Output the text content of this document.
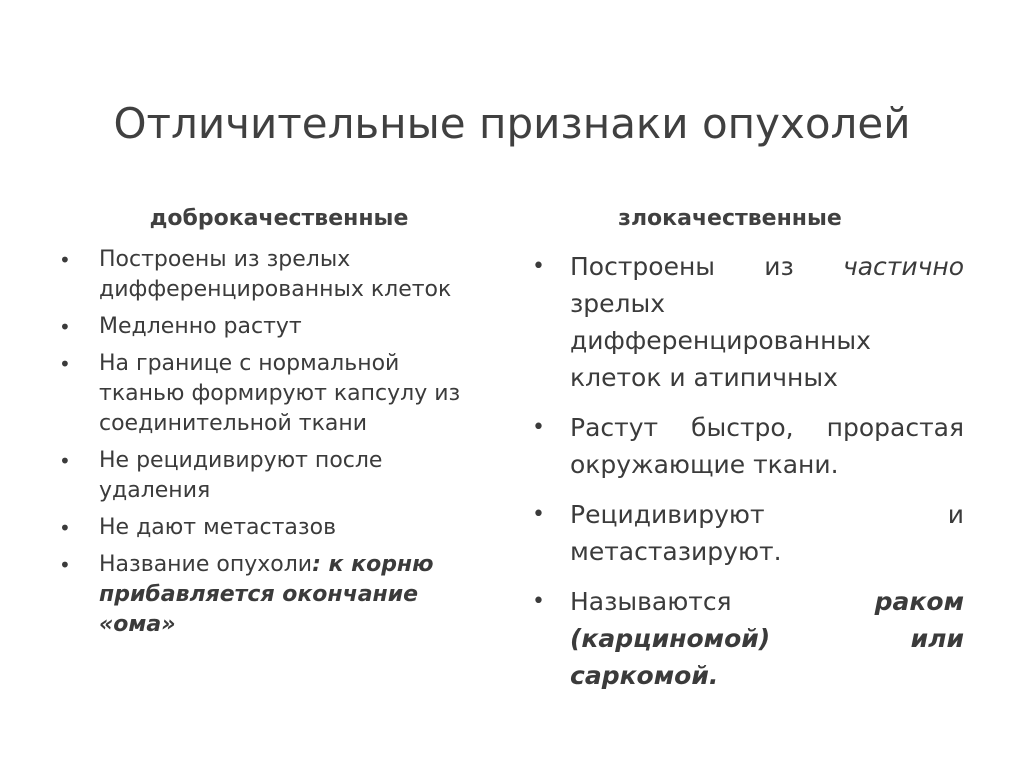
Отличительные признаки опухолей
доброкачественные	злокачественные
• Построены из зрелых дифференцированных клеток
• Медленно растут
• На границе с нормальной тканью формируют капсулу из соединительной ткани
• Не рецидивируют после удаления
• Не дают метастазов
• Название опухоли: к корню прибавляется окончание «ома»
• Построены из частично
зрелых дифференцированных клеток и атипичных
• Растут быстро, прорастая
окружающие ткани.
• Рецидивируют	и
метастазируют.
• Называются	раком
(карциномой)	или
саркомой.
